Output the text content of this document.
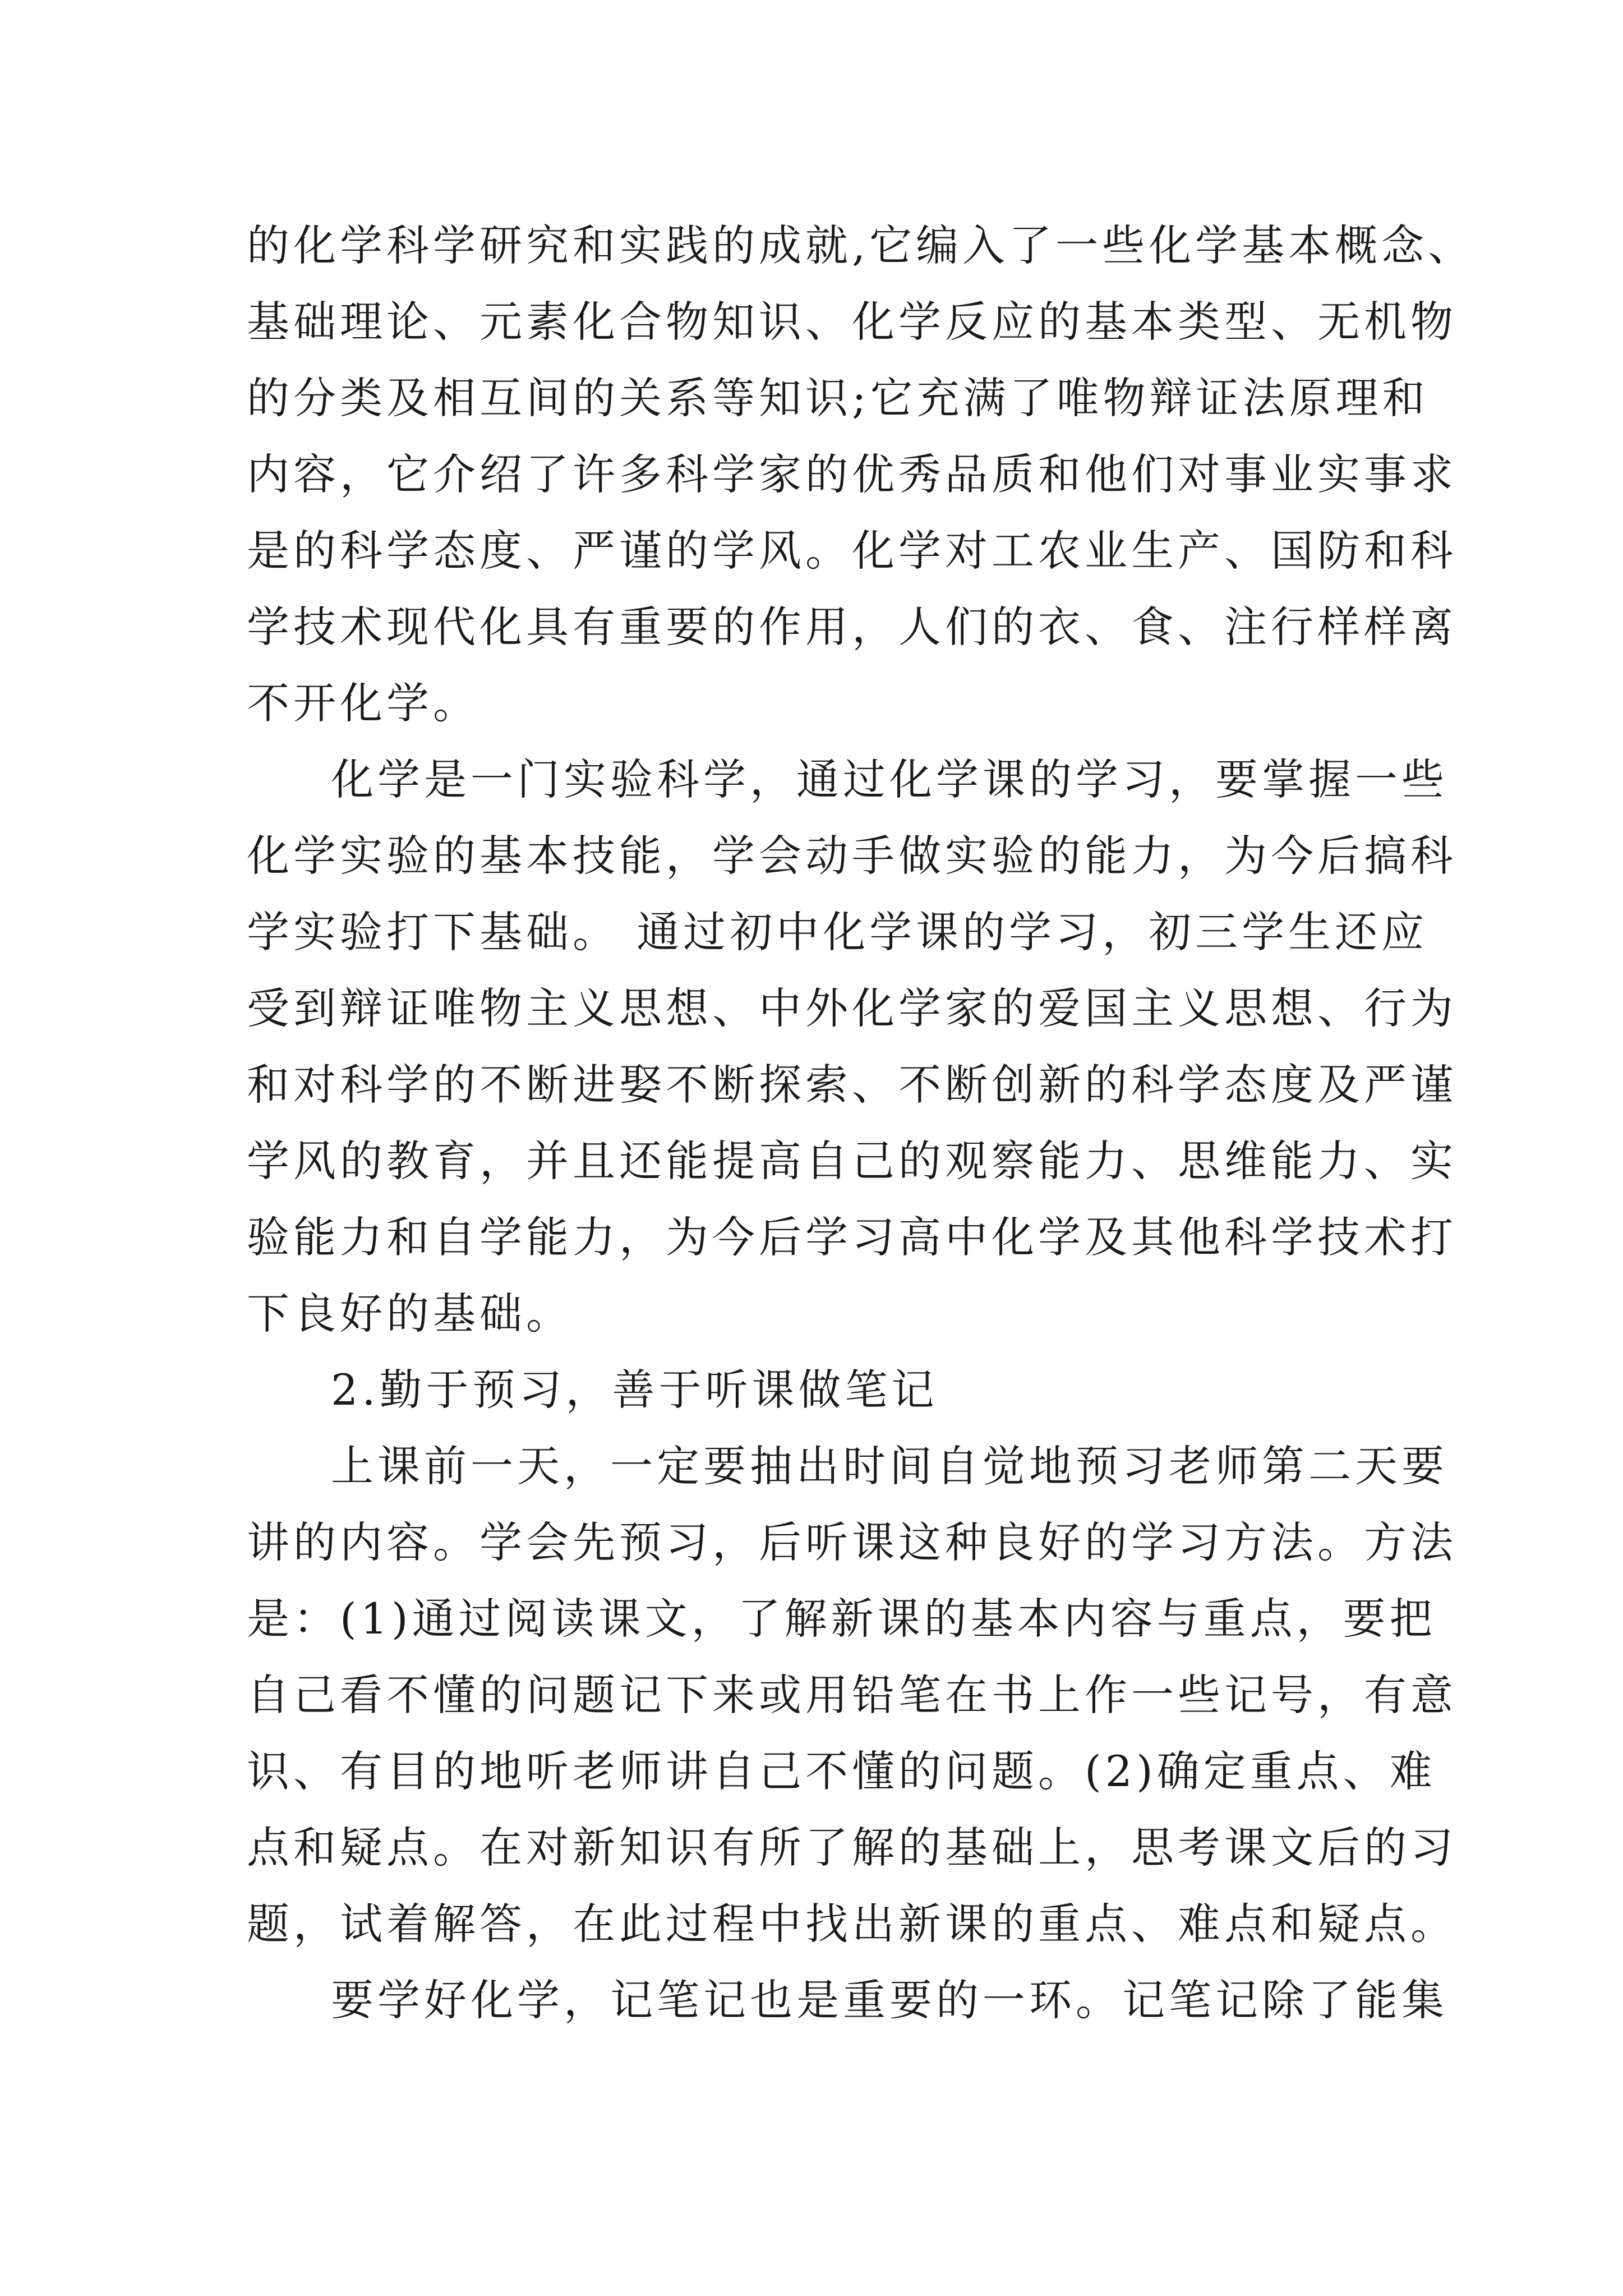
的化学科学研究和实践的成就,它编入了一些化学基本概念、
基础理论、元素化合物知识、化学反应的基本类型、无机物
的分类及相互间的关系等知识;它充满了唯物辩证法原理和
内容，它介绍了许多科学家的优秀品质和他们对事业实事求
是的科学态度、严谨的学风。化学对工农业生产、国防和科
学技术现代化具有重要的作用，人们的衣、食、注行样样离
不开化学。
化学是一门实验科学，通过化学课的学习，要掌握一些
化学实验的基本技能，学会动手做实验的能力，为今后搞科
学实验打下基础。 通过初中化学课的学习，初三学生还应
受到辩证唯物主义思想、中外化学家的爱国主义思想、行为
和对科学的不断进娶不断探索、不断创新的科学态度及严谨
学风的教育，并且还能提高自己的观察能力、思维能力、实
验能力和自学能力，为今后学习高中化学及其他科学技术打
下良好的基础。
2.勤于预习，善于听课做笔记
上课前一天，一定要抽出时间自觉地预习老师第二天要
讲的内容。学会先预习，后听课这种良好的学习方法。方法
是：(1)通过阅读课文，了解新课的基本内容与重点，要把
自己看不懂的问题记下来或用铅笔在书上作一些记号，有意
识、有目的地听老师讲自己不懂的问题。(2)确定重点、难
点和疑点。在对新知识有所了解的基础上，思考课文后的习
题，试着解答，在此过程中找出新课的重点、难点和疑点。
要学好化学，记笔记也是重要的一环。记笔记除了能集
